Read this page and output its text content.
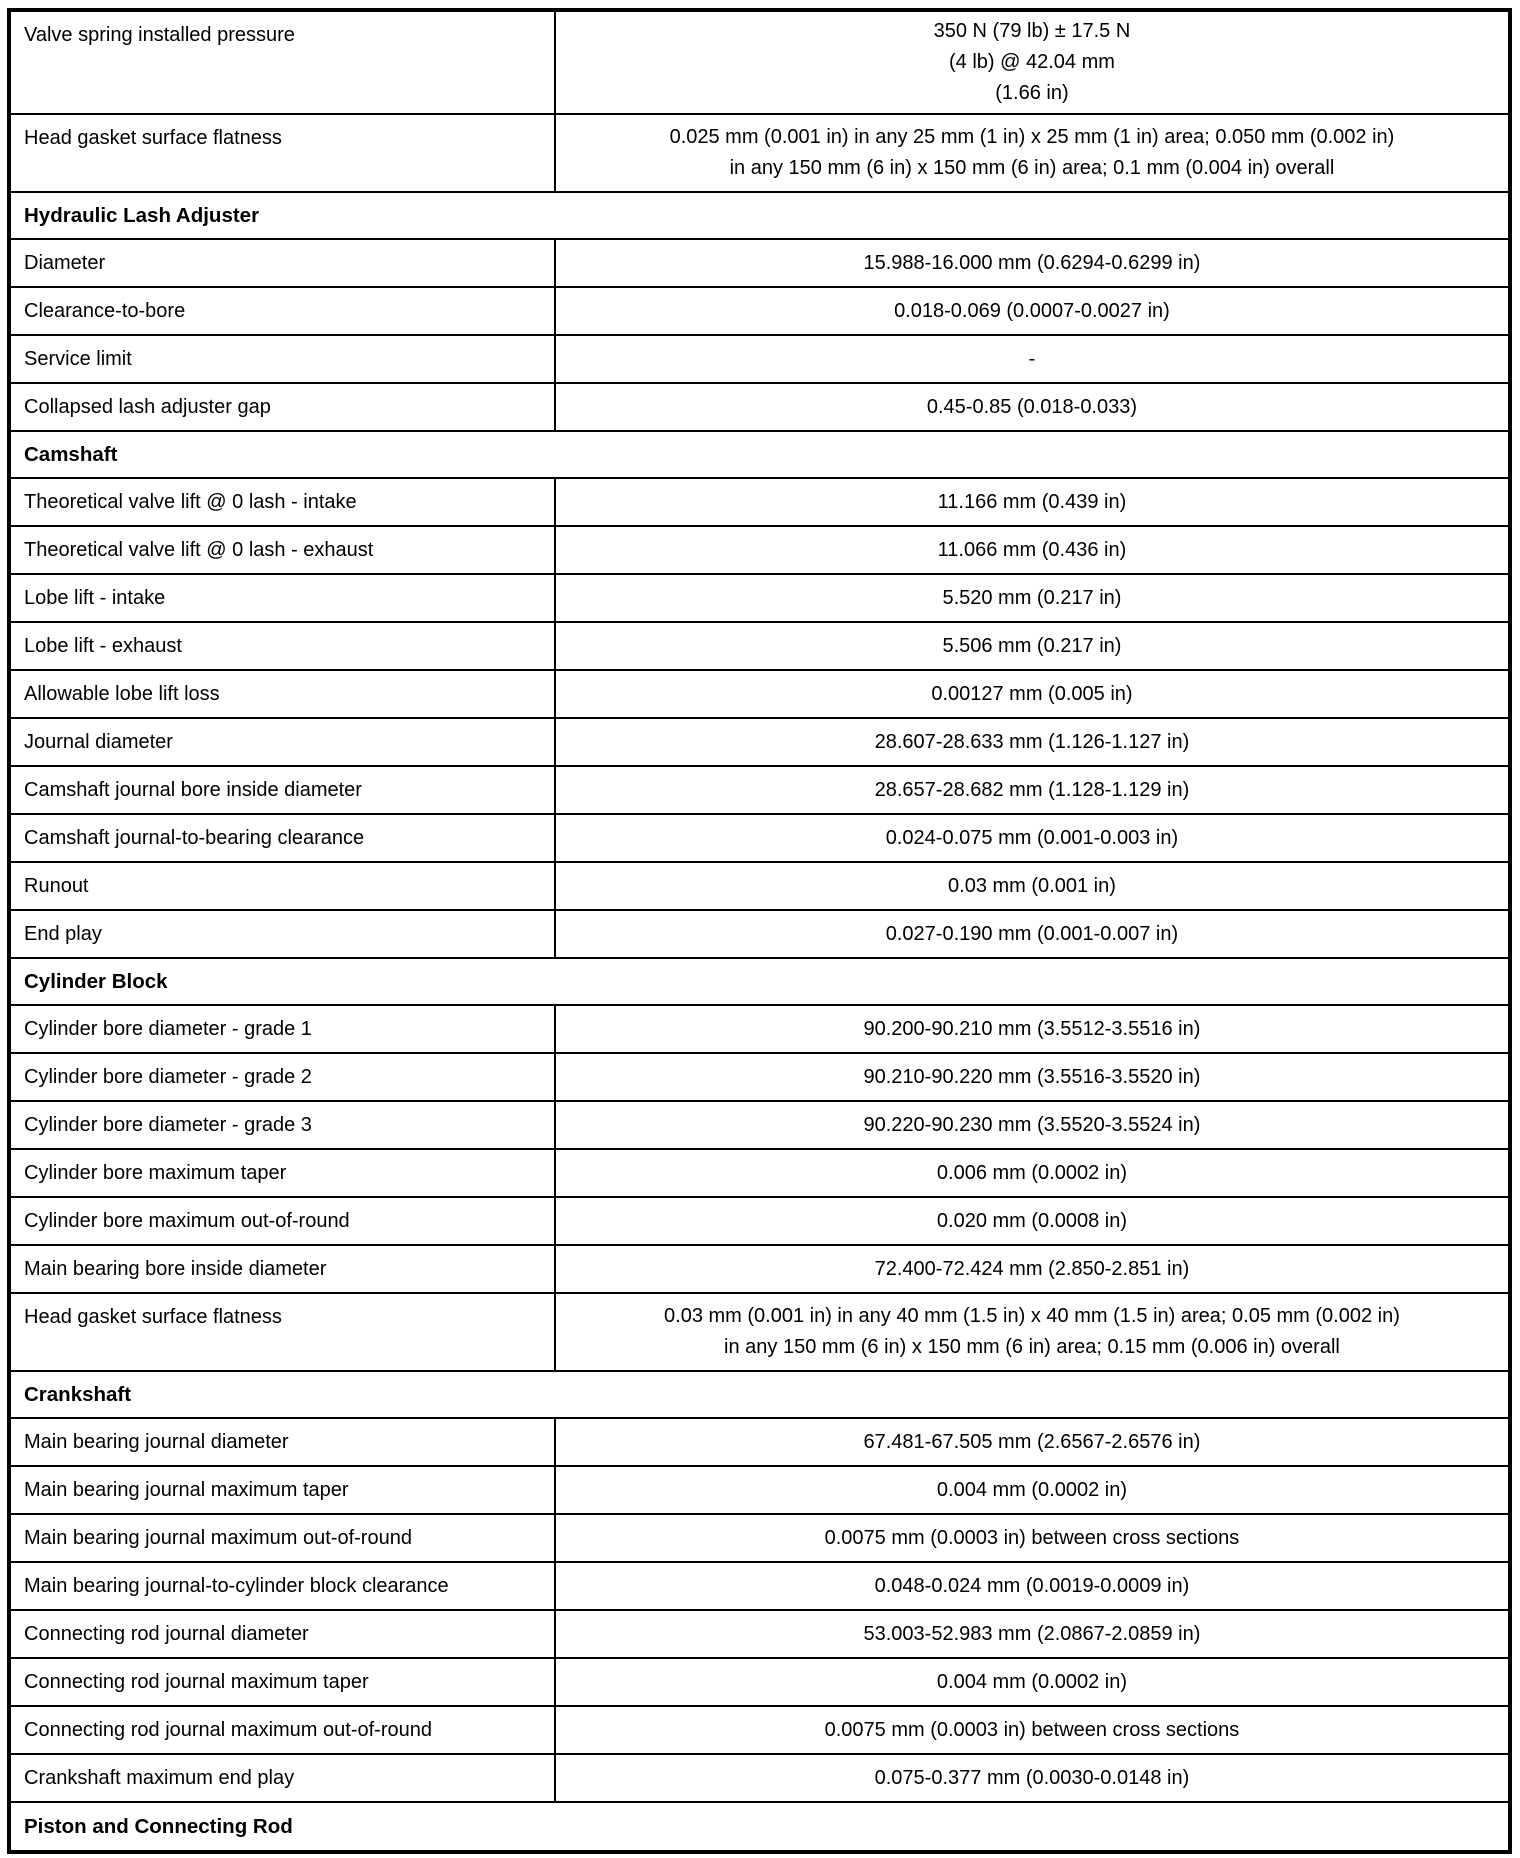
Valve spring installed pressure	350 N (79 lb) ± 17.5 N
(4 lb) @ 42.04 mm
(1.66 in)
Head gasket surface flatness	0.025 mm (0.001 in) in any 25 mm (1 in) x 25 mm (1 in) area; 0.050 mm (0.002 in)
in any 150 mm (6 in) x 150 mm (6 in) area; 0.1 mm (0.004 in) overall
Hydraulic Lash Adjuster
Diameter	15.988-16.000 mm (0.6294-0.6299 in)
Clearance-to-bore	0.018-0.069 (0.0007-0.0027 in)
Service limit	-
Collapsed lash adjuster gap	0.45-0.85 (0.018-0.033)
Camshaft
Theoretical valve lift @ 0 lash - intake	11.166 mm (0.439 in)
Theoretical valve lift @ 0 lash - exhaust	11.066 mm (0.436 in)
Lobe lift - intake	5.520 mm (0.217 in)
Lobe lift - exhaust	5.506 mm (0.217 in)
Allowable lobe lift loss	0.00127 mm (0.005 in)
Journal diameter	28.607-28.633 mm (1.126-1.127 in)
Camshaft journal bore inside diameter	28.657-28.682 mm (1.128-1.129 in)
Camshaft journal-to-bearing clearance	0.024-0.075 mm (0.001-0.003 in)
Runout	0.03 mm (0.001 in)
End play	0.027-0.190 mm (0.001-0.007 in)
Cylinder Block
Cylinder bore diameter - grade 1	90.200-90.210 mm (3.5512-3.5516 in)
Cylinder bore diameter - grade 2	90.210-90.220 mm (3.5516-3.5520 in)
Cylinder bore diameter - grade 3	90.220-90.230 mm (3.5520-3.5524 in)
Cylinder bore maximum taper	0.006 mm (0.0002 in)
Cylinder bore maximum out-of-round	0.020 mm (0.0008 in)
Main bearing bore inside diameter	72.400-72.424 mm (2.850-2.851 in)
Head gasket surface flatness	0.03 mm (0.001 in) in any 40 mm (1.5 in) x 40 mm (1.5 in) area; 0.05 mm (0.002 in)
in any 150 mm (6 in) x 150 mm (6 in) area; 0.15 mm (0.006 in) overall
Crankshaft
Main bearing journal diameter	67.481-67.505 mm (2.6567-2.6576 in)
Main bearing journal maximum taper	0.004 mm (0.0002 in)
Main bearing journal maximum out-of-round	0.0075 mm (0.0003 in) between cross sections
Main bearing journal-to-cylinder block clearance	0.048-0.024 mm (0.0019-0.0009 in)
Connecting rod journal diameter	53.003-52.983 mm (2.0867-2.0859 in)
Connecting rod journal maximum taper	0.004 mm (0.0002 in)
Connecting rod journal maximum out-of-round	0.0075 mm (0.0003 in) between cross sections
Crankshaft maximum end play	0.075-0.377 mm (0.0030-0.0148 in)
Piston and Connecting Rod
